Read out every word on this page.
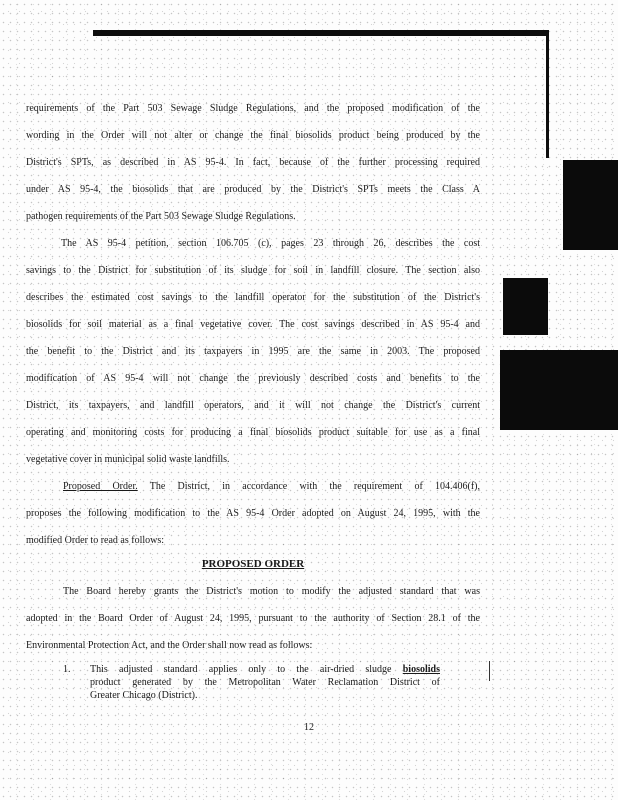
requirements of the Part 503 Sewage Sludge Regulations, and the proposed modification of the
wording in the Order will not alter or change the final biosolids product being produced by the
District's SPTs, as described in AS 95-4. In fact, because of the further processing required
under AS 95-4, the biosolids that are produced by the District's SPTs meets the Class A
pathogen requirements of the Part 503 Sewage Sludge Regulations.
The AS 95-4 petition, section 106.705 (c), pages 23 through 26, describes the cost
savings to the District for substitution of its sludge for soil in landfill closure. The section also
describes the estimated cost savings to the landfill operator for the substitution of the District's
biosolids for soil material as a final vegetative cover. The cost savings described in AS 95-4 and
the benefit to the District and its taxpayers in 1995 are the same in 2003. The proposed
modification of AS 95-4 will not change the previously described costs and benefits to the
District, its taxpayers, and landfill operators, and it will not change the District's current
operating and monitoring costs for producing a final biosolids product suitable for use as a final
vegetative cover in municipal solid waste landfills.
Proposed Order. The District, in accordance with the requirement of 104.406(f),
proposes the following modification to the AS 95-4 Order adopted on August 24, 1995, with the
modified Order to read as follows:
PROPOSED ORDER
The Board hereby grants the District's motion to modify the adjusted standard that was
adopted in the Board Order of August 24, 1995, pursuant to the authority of Section 28.1 of the
Environmental Protection Act, and the Order shall now read as follows:
1. This adjusted standard applies only to the air-dried sludge biosolids
product generated by the Metropolitan Water Reclamation District of
Greater Chicago (District).
12
